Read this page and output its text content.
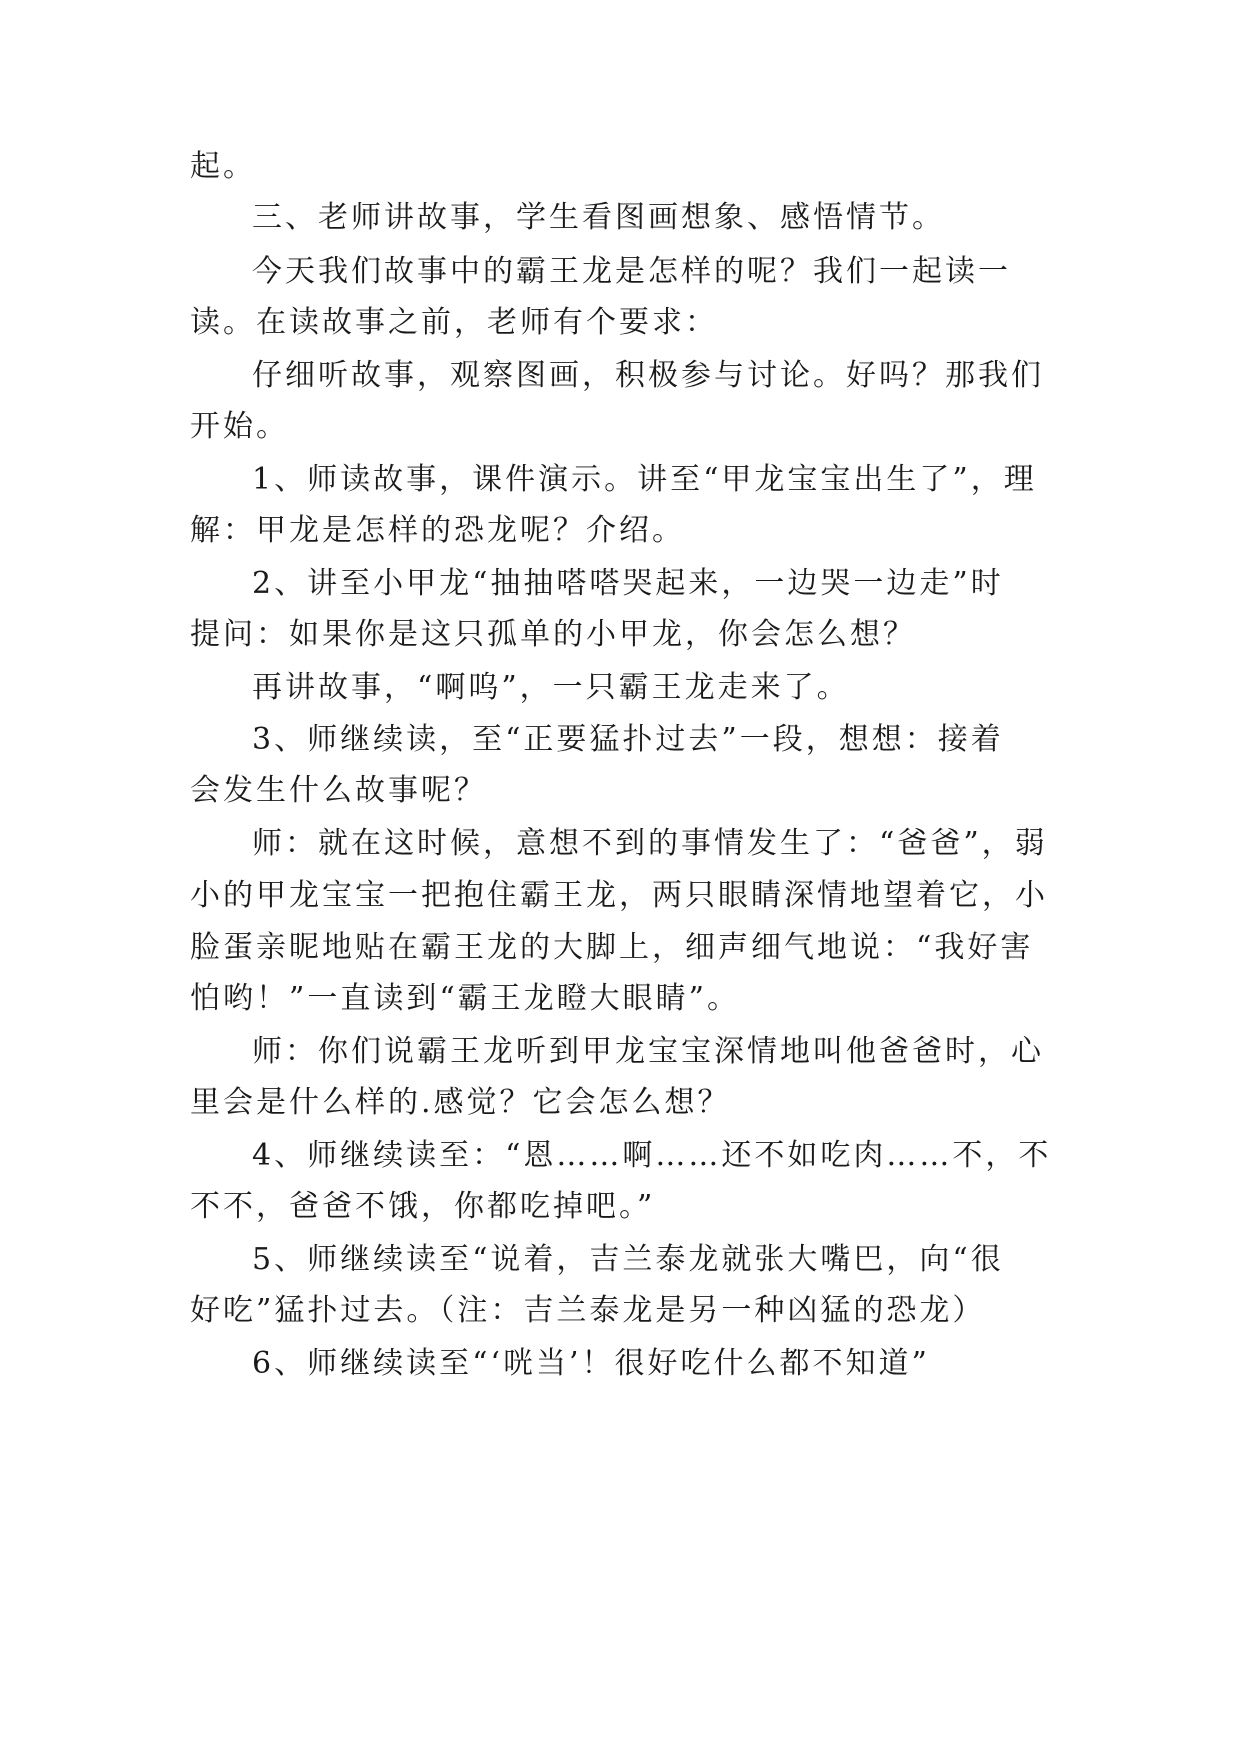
起。
三、老师讲故事，学生看图画想象、感悟情节。
今天我们故事中的霸王龙是怎样的呢？我们一起读一
读。在读故事之前，老师有个要求：
仔细听故事，观察图画，积极参与讨论。好吗？那我们
开始。
1、师读故事，课件演示。讲至“甲龙宝宝出生了”，理
解：甲龙是怎样的恐龙呢？介绍。
2、讲至小甲龙“抽抽嗒嗒哭起来，一边哭一边走”时
提问：如果你是这只孤单的小甲龙，你会怎么想？
再讲故事，“啊呜”，一只霸王龙走来了。
3、师继续读，至“正要猛扑过去”一段，想想：接着
会发生什么故事呢？
师：就在这时候，意想不到的事情发生了：“爸爸”，弱
小的甲龙宝宝一把抱住霸王龙，两只眼睛深情地望着它，小
脸蛋亲昵地贴在霸王龙的大脚上，细声细气地说：“我好害
怕哟！”一直读到“霸王龙瞪大眼睛”。
师：你们说霸王龙听到甲龙宝宝深情地叫他爸爸时，心
里会是什么样的.感觉？它会怎么想？
4、师继续读至：“恩……啊……还不如吃肉……不，不
不不，爸爸不饿，你都吃掉吧。”
5、师继续读至“说着，吉兰泰龙就张大嘴巴，向“很
好吃”猛扑过去。（注：吉兰泰龙是另一种凶猛的恐龙）
6、师继续读至“‘咣当’！很好吃什么都不知道”
